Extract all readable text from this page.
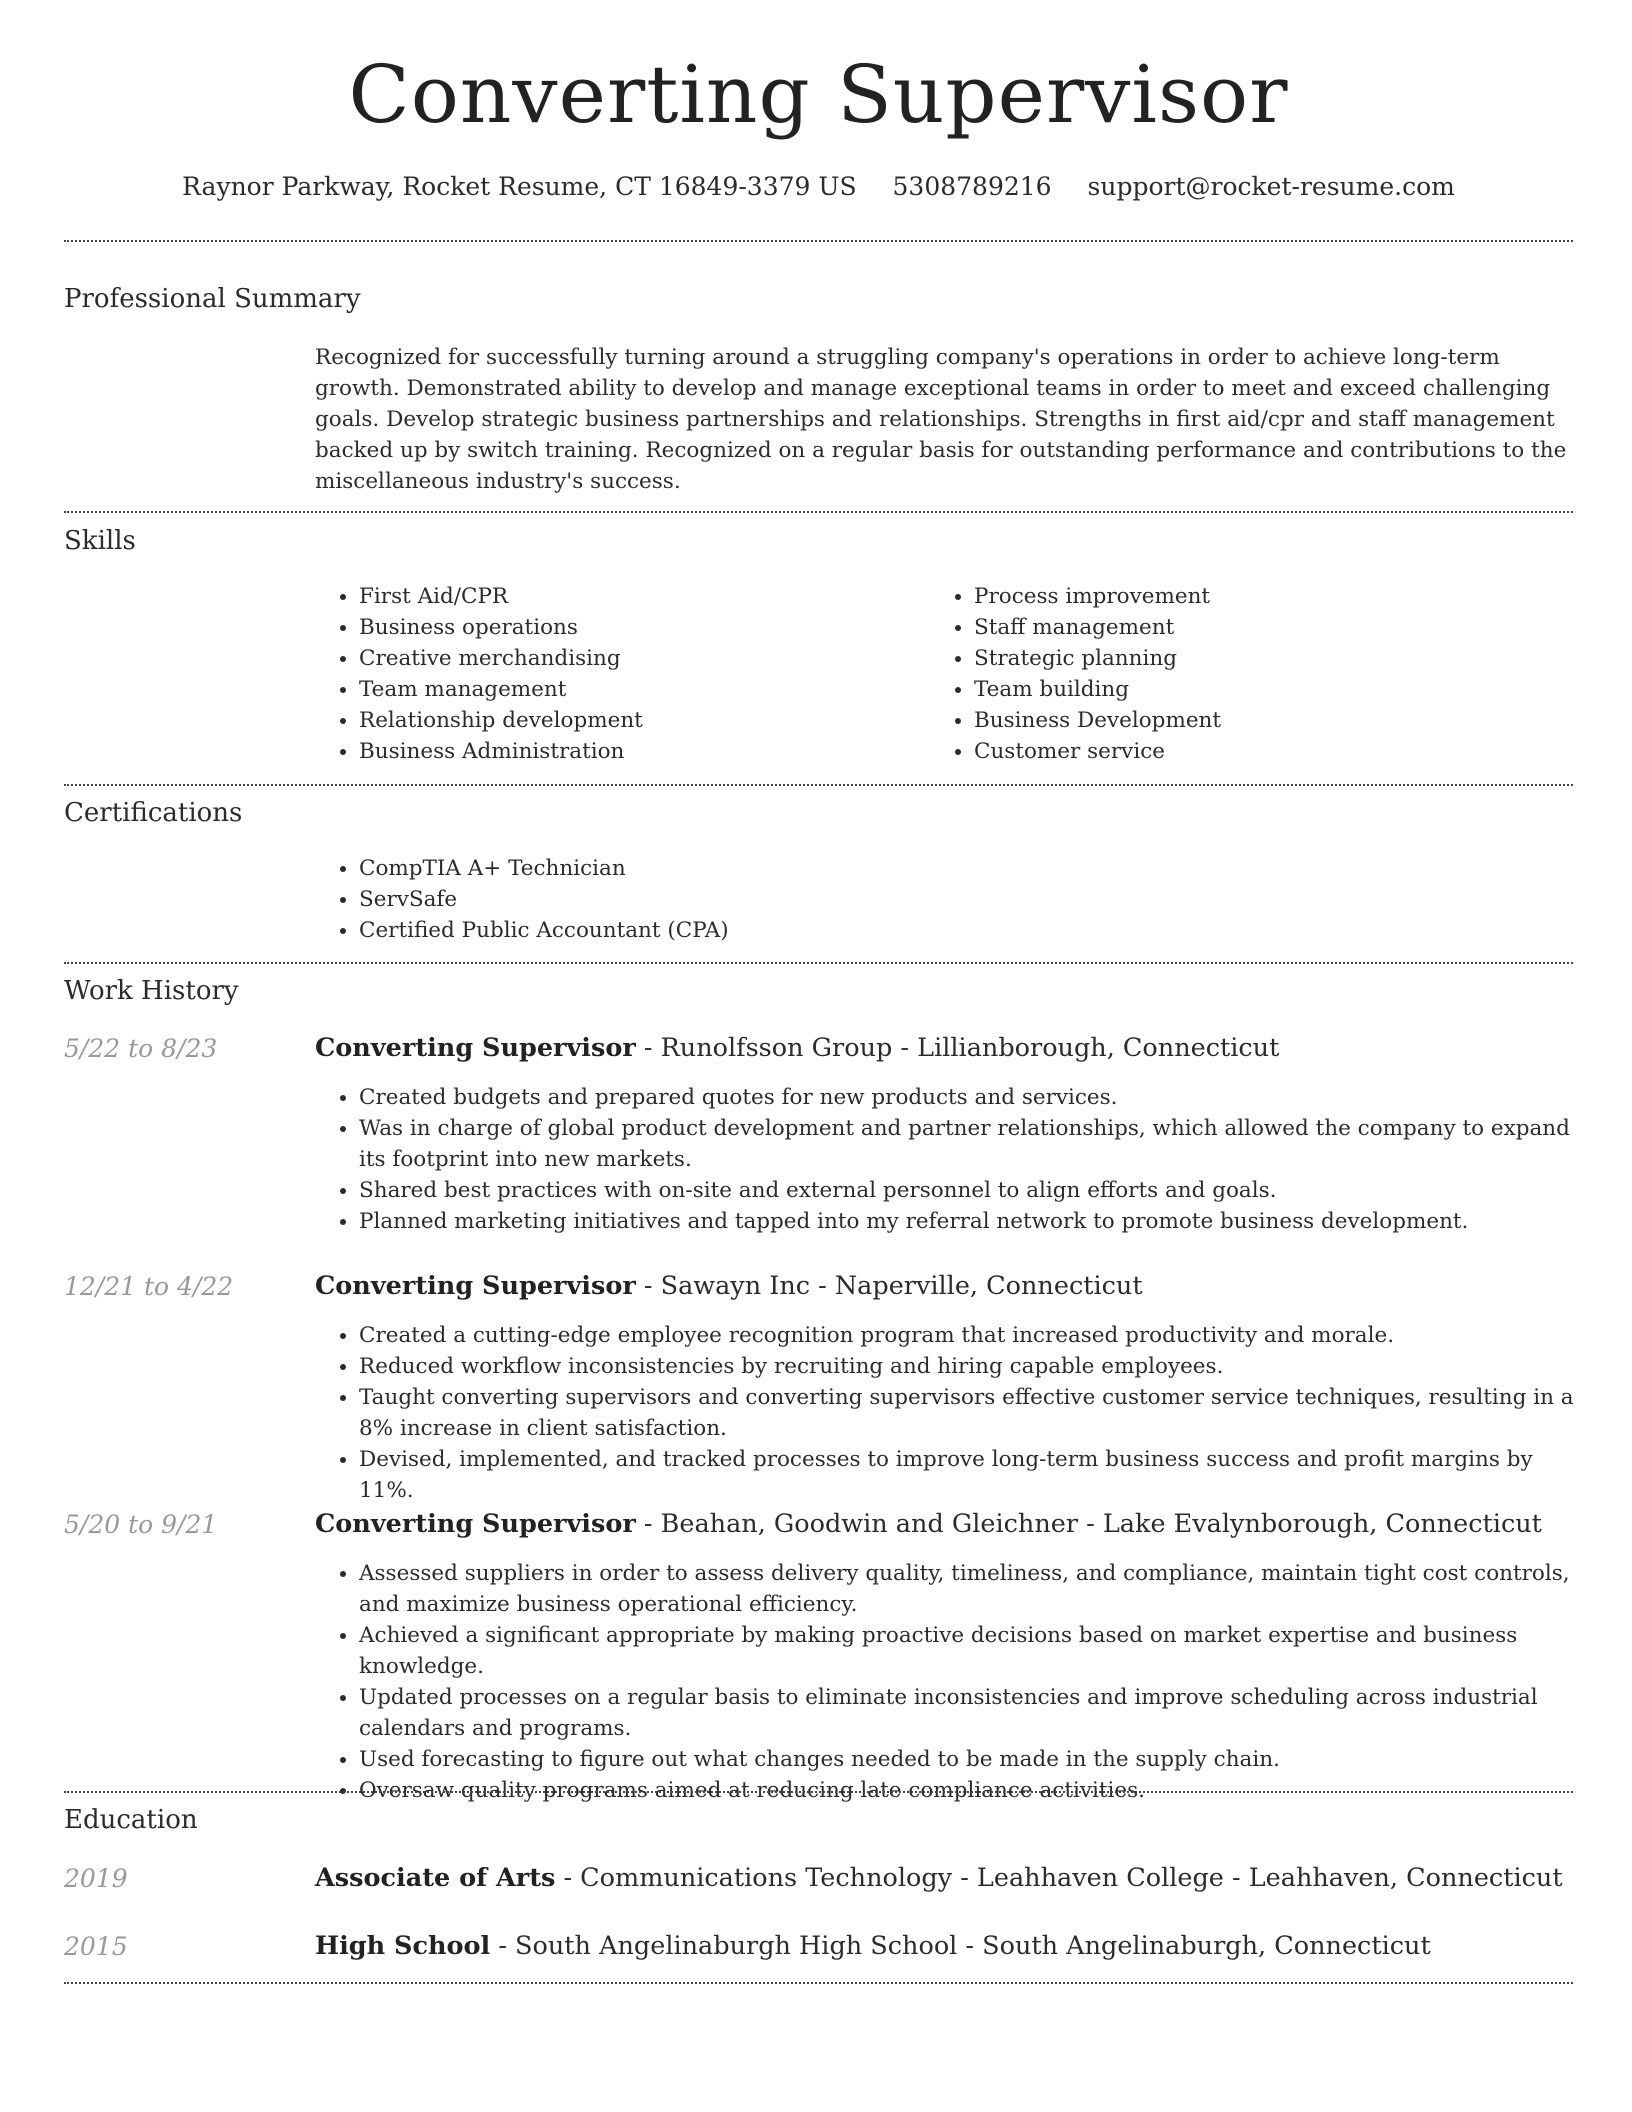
Converting Supervisor
Raynor Parkway, Rocket Resume, CT 16849-3379 US 5308789216 support@rocket-resume.com
Professional Summary
Recognized for successfully turning around a struggling company's operations in order to achieve long-term growth. Demonstrated ability to develop and manage exceptional teams in order to meet and exceed challenging goals. Develop strategic business partnerships and relationships. Strengths in first aid/cpr and staff management backed up by switch training. Recognized on a regular basis for outstanding performance and contributions to the miscellaneous industry's success.
Skills
• First Aid/CPR
• Business operations
• Creative merchandising
• Team management
• Relationship development
• Business Administration
• Process improvement
• Staff management
• Strategic planning
• Team building
• Business Development
• Customer service
Certifications
• CompTIA A+ Technician
• ServSafe
• Certified Public Accountant (CPA)
Work History
5/22 to 8/23	Converting Supervisor - Runolfsson Group - Lillianborough, Connecticut
• Created budgets and prepared quotes for new products and services.
• Was in charge of global product development and partner relationships, which allowed the company to expand its footprint into new markets.
• Shared best practices with on-site and external personnel to align efforts and goals.
• Planned marketing initiatives and tapped into my referral network to promote business development.
12/21 to 4/22	Converting Supervisor - Sawayn Inc - Naperville, Connecticut
• Created a cutting-edge employee recognition program that increased productivity and morale.
• Reduced workflow inconsistencies by recruiting and hiring capable employees.
• Taught converting supervisors and converting supervisors effective customer service techniques, resulting in a 8% increase in client satisfaction.
• Devised, implemented, and tracked processes to improve long-term business success and profit margins by 11%.
5/20 to 9/21	Converting Supervisor - Beahan, Goodwin and Gleichner - Lake Evalynborough, Connecticut
• Assessed suppliers in order to assess delivery quality, timeliness, and compliance, maintain tight cost controls, and maximize business operational efficiency.
• Achieved a significant appropriate by making proactive decisions based on market expertise and business knowledge.
• Updated processes on a regular basis to eliminate inconsistencies and improve scheduling across industrial calendars and programs.
• Used forecasting to figure out what changes needed to be made in the supply chain.
• Oversaw quality programs aimed at reducing late compliance activities.
Education
2019	Associate of Arts - Communications Technology - Leahhaven College - Leahhaven, Connecticut
2015	High School - South Angelinaburgh High School - South Angelinaburgh, Connecticut
